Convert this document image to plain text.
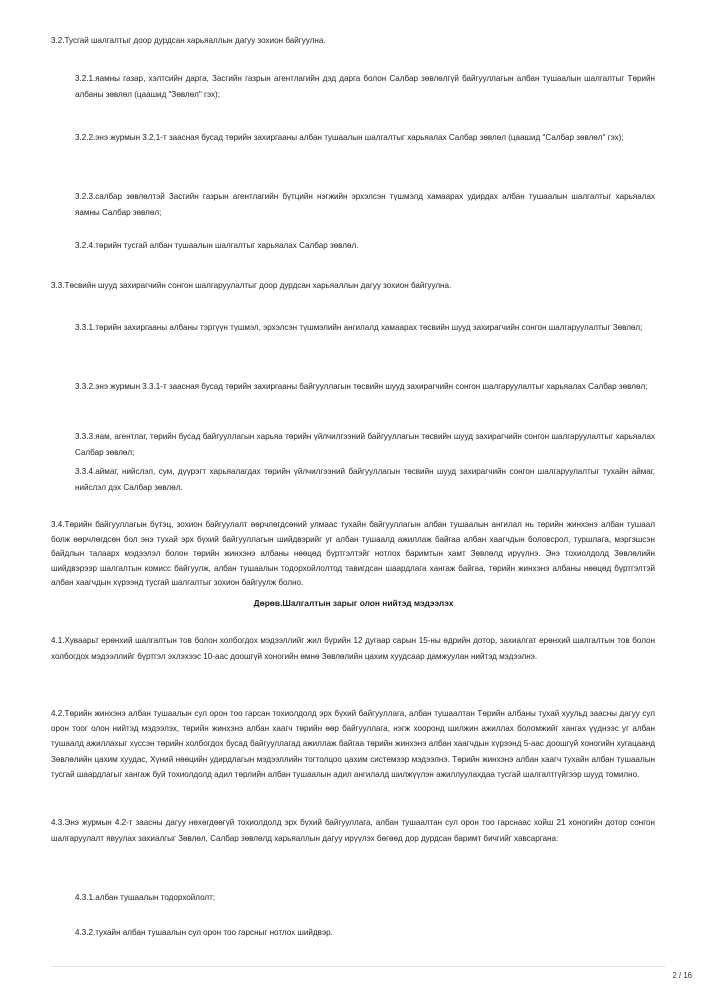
3.2.Тусгай шалгалтыг доор дурдсан харьяаллын дагуу зохион байгуулна.

3.2.1.яамны газар, хэлтсийн дарга, Засгийн газрын агентлагийн дэд дарга болон Салбар зөвлөлгүй байгууллагын албан тушаалын шалгалтыг Төрийн албаны зөвлөл (цаашид "Зөвлөл" гэх);

3.2.2.энэ журмын 3.2.1-т заасная бусад төрийн захиргааны албан тушаалын шалгалтыг харьяалах Салбар зөвлөл (цаашид "Салбар зөвлөл" гэх);

3.2.3.салбар зөвлөлтэй Засгийн газрын агентлагийн бүтцийн нэгжийн эрхэлсэн түшмэлд хамаарах удирдах албан тушаалын шалгалтыг харьяалах яамны Салбар зөвлөл;

3.2.4.төрийн тусгай албан тушаалын шалгалтыг харьяалах Салбар зөвлөл.

3.3.Төсвийн шууд захирагчийн сонгон шалгаруулалтыг доор дурдсан харьяаллын дагуу зохион байгуулна.

3.3.1.төрийн захиргааны албаны тэргүүн түшмэл, эрхэлсэн түшмэлийн ангилалд хамаарах төсвийн шууд захирагчийн сонгон шалгаруулалтыг Зөвлөл;

3.3.2.энэ журмын 3.3.1-т заасная бусад төрийн захиргааны байгууллагын төсвийн шууд захирагчийн сонгон шалгаруулалтыг харьяалах Салбар зөвлөл;

3.3.3.яам, агентлаг, төрийн бусад байгууллагын харьяа төрийн үйлчилгээний байгууллагын төсвийн шууд захирагчийн сонгон шалгаруулалтыг харьяалах Салбар зөвлөл;

3.3.4.аймаг, нийслэл, сум, дүүрэгт харьяалагдах төрийн үйлчилгээний байгууллагын төсвийн шууд захирагчийн сонгон шалгаруулалтыг тухайн аймаг, нийслэл дэх Салбар зөвлөл.

3.4.Төрийн байгууллагын бүтэц, зохион байгуулалт өөрчлөгдсөний улмаас тухайн байгууллагын албан тушаалын ангилал нь төрийн жинхэнэ албан тушаал болж өөрчлөгдсөн бол энэ тухай эрх бүхий байгууллагын шийдвэрийг уг албан тушаалд ажиллаж байгаа албан хаагчдын боловсрол, туршлага, мэргэшсэн байдлын талаарх мэдээлэл болон төрийн жинхэнэ албаны нөөцөд бүртгэлтэйг нотлох баримтын хамт Зөвлөлд ирүүлнэ. Энэ тохиолдолд Зөвлөлийн шийдвэрээр шалгалтын комисс байгуулж, албан тушаалын тодорхойлолтод тавигдсан шаардлага хангаж байгаа, төрийн жинхэнэ албаны нөөцөд бүртгэлтэй албан хаагчдын хүрээнд тусгай шалгалтыг зохион байгуулж болно.

Дөрөв.Шалгалтын зарыг олон нийтэд мэдээлэх

4.1.Хуваарьт ерөнхий шалгалтын тов болон холбогдох мэдээллийг жил бүрийн 12 дугаар сарын 15-ны өдрийн дотор, захиалгат ерөнхий шалгалтын тов болон холбогдох мэдээллийг бүртгэл эхлэхээс 10-аас доошгүй хоногийн өмнө Зөвлөлийн цахим хуудсаар дамжуулан нийтэд мэдээлнэ.

4.2.Төрийн жинхэнэ албан тушаалын сул орон тоо гарсан тохиолдолд эрх бүхий байгууллага, албан тушаалтан Төрийн албаны тухай хуульд заасны дагуу сул орон тоог олон нийтэд мэдээлэх, төрийн жинхэнэ албан хаагч төрийн өөр байгууллага, нэгж хооронд шилжин ажиллах боломжийг хангах үүднээс уг албан тушаалд ажиллахыг хүссэн төрийн холбогдох бусад байгууллагад ажиллаж байгаа төрийн жинхэнэ албан хаагчдын хүрээнд 5-аас доошгүй хоногийн хугацаанд Зөвлөлийн цахим хуудас, Хүний нөөцийн удирдлагын мэдээллийн тогтолцоо цахим системээр мэдээлнэ. Төрийн жинхэнэ албан хаагч тухайн албан тушаалын тусгай шаардлагыг хангаж буй тохиолдолд адил төрлийн албан тушаалын адил ангилалд шилжүүлэн ажиллуулахдаа тусгай шалгалтгүйгээр шууд томилно.

4.3.Энэ журмын 4.2-т заасны дагуу нөхөгдөөгүй тохиолдолд эрх бүхий байгууллага, албан тушаалтан сул орон тоо гарснаас хойш 21 хоногийн дотор сонгон шалгаруулалт явуулах захиалгыг Зөвлөл, Салбар зөвлөлд харьяаллын дагуу ирүүлэх бөгөөд дор дурдсан баримт бичгийг хавсаргана:

4.3.1.албан тушаалын тодорхойлолт;

4.3.2.тухайн албан тушаалын сул орон тоо гарсныг нотлох шийдвэр.

2 / 16
